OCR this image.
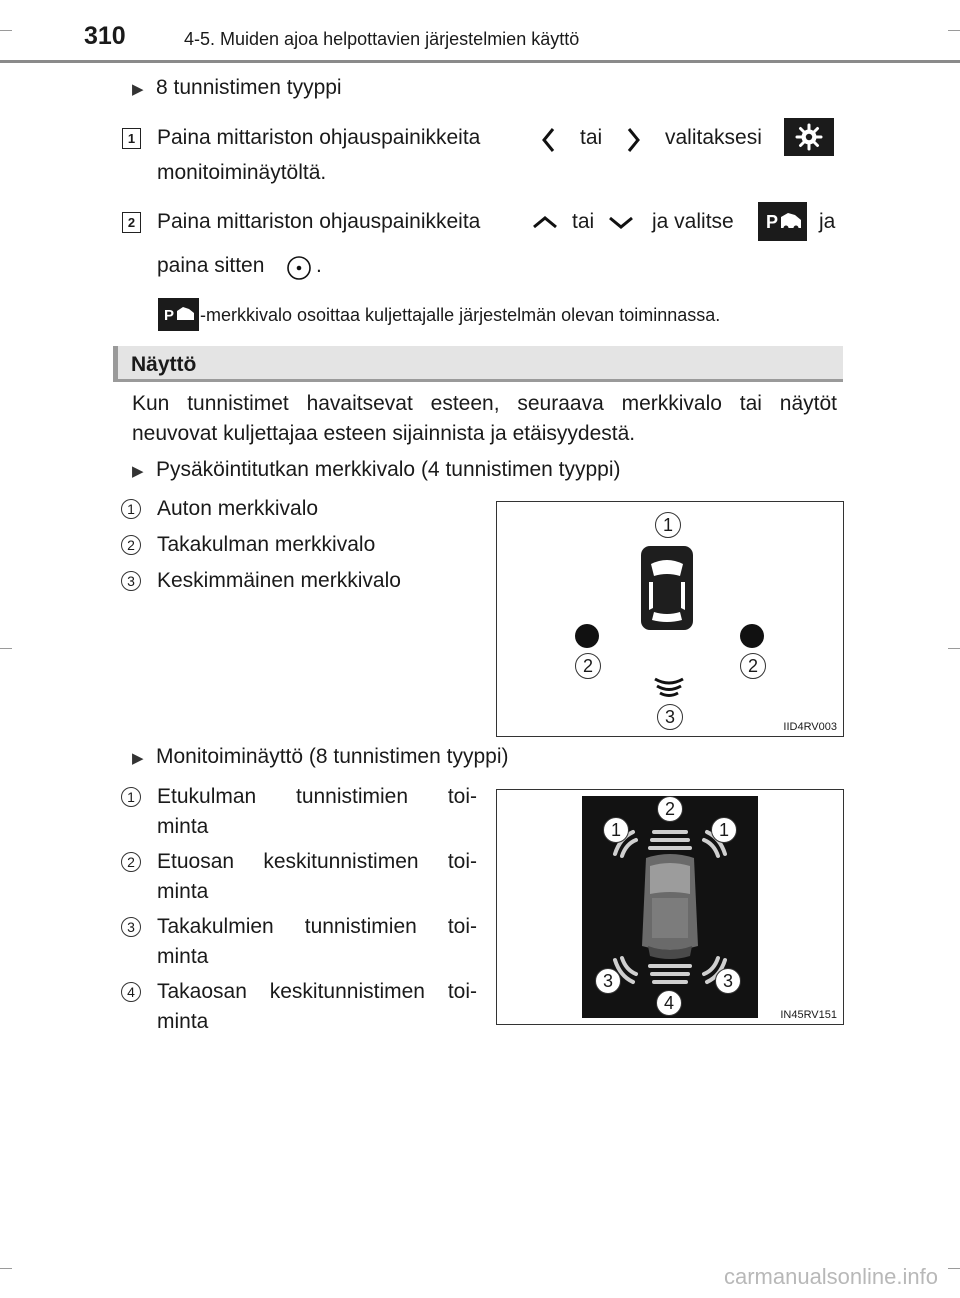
310	4-5. Muiden ajoa helpottavien järjestelmien käyttö
▶ 8 tunnistimen tyyppi
1 Paina mittariston ohjauspainikkeita	tai	valitaksesi
monitoiminäytöltä.
2 Paina mittariston ohjauspainikkeita	tai	ja valitse P ja
paina sitten .
P -merkkivalo osoittaa kuljettajalle järjestelmän olevan toiminnassa.
Näyttö
Kun tunnistimet havaitsevat esteen, seuraava merkkivalo tai näytöt neuvovat kuljettajaa esteen sijainnista ja etäisyydestä.
▶ Pysäköintitutkan merkkivalo (4 tunnistimen tyyppi)
1 Auton merkkivalo
2 Takakulman merkkivalo
3 Keskimmäinen merkkivalo
1
2	2
3	IID4RV003
▶ Monitoiminäyttö (8 tunnistimen tyyppi)
1 Etukulman tunnistimien toi-
minta
2 Etuosan keskitunnistimen toi-
minta
3 Takakulmien tunnistimien toi-
minta
4 Takaosan keskitunnistimen toi-
minta
1	1
2
3	3
4
IN45RV151
carmanualsonline.info
